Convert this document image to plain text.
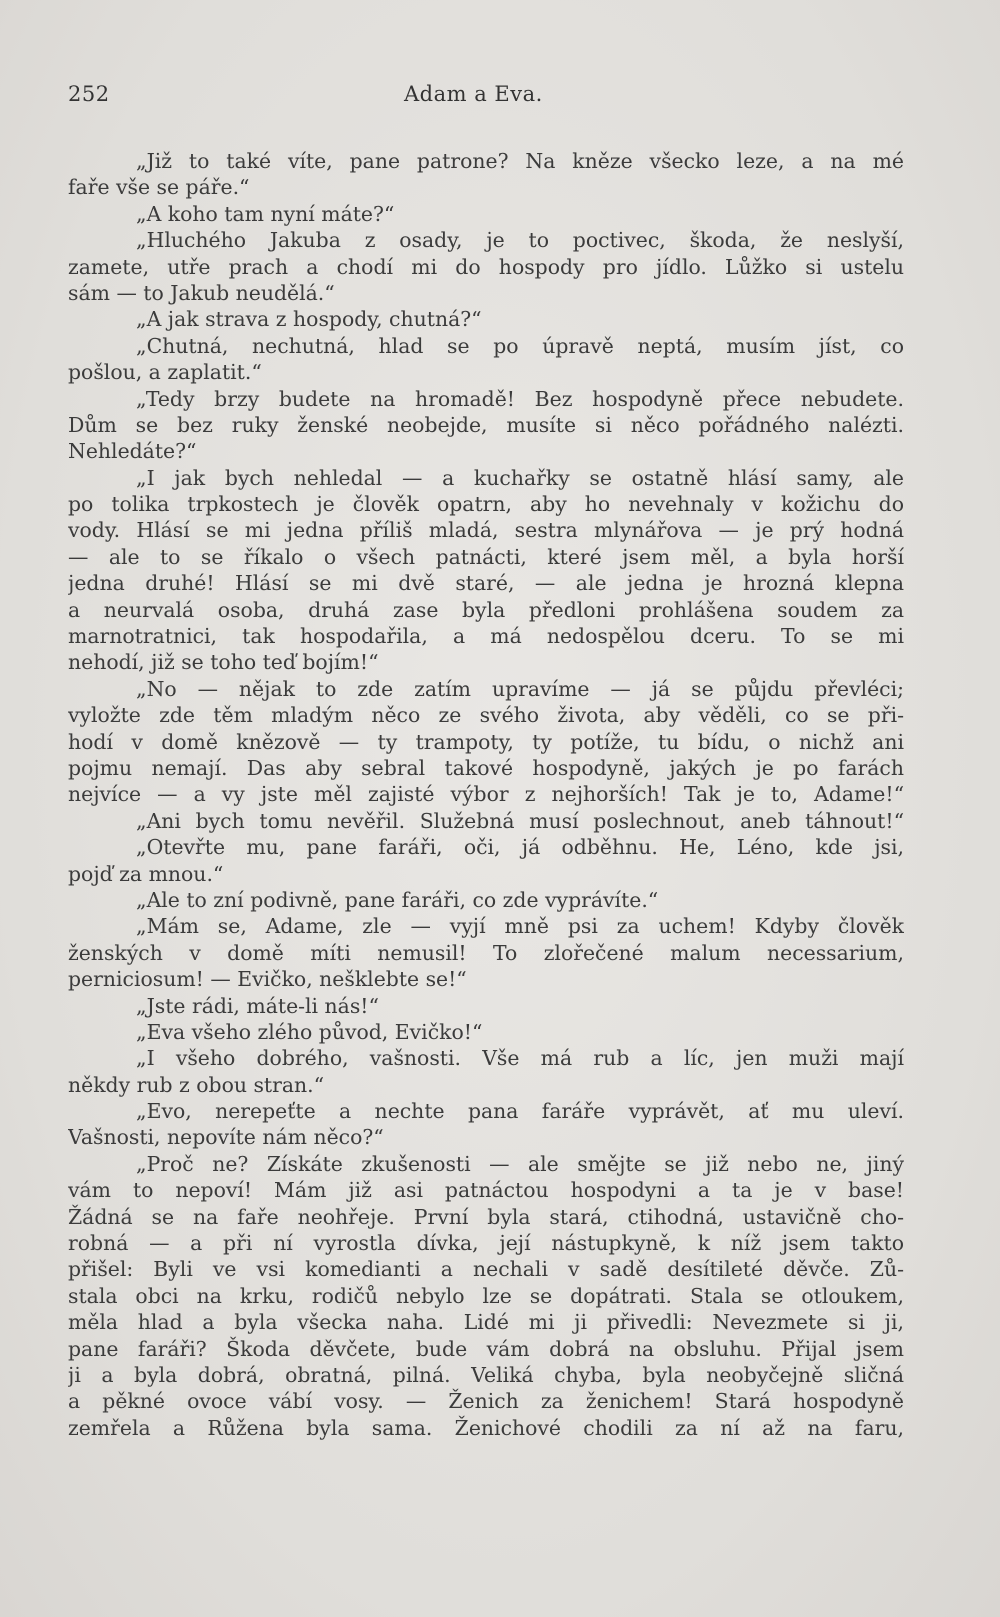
252	Adam a Eva.
„Již to také víte, pane patrone? Na kněze všecko leze, a na mé
faře vše se páře.“
„A koho tam nyní máte?“
„Hluchého Jakuba z osady, je to poctivec, škoda, že neslyší,
zamete, utře prach a chodí mi do hospody pro jídlo. Lůžko si ustelu
sám — to Jakub neudělá.“
„A jak strava z hospody, chutná?“
„Chutná, nechutná, hlad se po úpravě neptá, musím jíst, co
pošlou, a zaplatit.“
„Tedy brzy budete na hromadě! Bez hospodyně přece nebudete.
Dům se bez ruky ženské neobejde, musíte si něco pořádného nalézti.
Nehledáte?“
„I jak bych nehledal — a kuchařky se ostatně hlásí samy, ale
po tolika trpkostech je člověk opatrn, aby ho nevehnaly v kožichu do
vody. Hlásí se mi jedna příliš mladá, sestra mlynářova — je prý hodná
— ale to se říkalo o všech patnácti, které jsem měl, a byla horší
jedna druhé! Hlásí se mi dvě staré, — ale jedna je hrozná klepna
a neurvalá osoba, druhá zase byla předloni prohlášena soudem za
marnotratnici, tak hospodařila, a má nedospělou dceru. To se mi
nehodí, již se toho teď bojím!“
„No — nějak to zde zatím upravíme — já se půjdu převléci;
vyložte zde těm mladým něco ze svého života, aby věděli, co se při-
hodí v domě knězově — ty trampoty, ty potíže, tu bídu, o nichž ani
pojmu nemají. Das aby sebral takové hospodyně, jakých je po farách
nejvíce — a vy jste měl zajisté výbor z nejhorších! Tak je to, Adame!“
„Ani bych tomu nevěřil. Služebná musí poslechnout, aneb táhnout!“
„Otevřte mu, pane faráři, oči, já odběhnu. He, Léno, kde jsi,
pojď za mnou.“
„Ale to zní podivně, pane faráři, co zde vyprávíte.“
„Mám se, Adame, zle — vyjí mně psi za uchem! Kdyby člověk
ženských v domě míti nemusil! To zlořečené malum necessarium,
perniciosum! — Evičko, nešklebte se!“
„Jste rádi, máte-li nás!“
„Eva všeho zlého původ, Evičko!“
„I všeho dobrého, vašnosti. Vše má rub a líc, jen muži mají
někdy rub z obou stran.“
„Evo, nerepeťte a nechte pana faráře vyprávět, ať mu uleví.
Vašnosti, nepovíte nám něco?“
„Proč ne? Získáte zkušenosti — ale smějte se již nebo ne, jiný
vám to nepoví! Mám již asi patnáctou hospodyni a ta je v base!
Žádná se na faře neohřeje. První byla stará, ctihodná, ustavičně cho-
robná — a při ní vyrostla dívka, její nástupkyně, k níž jsem takto
přišel: Byli ve vsi komedianti a nechali v sadě desítileté děvče. Zů-
stala obci na krku, rodičů nebylo lze se dopátrati. Stala se otloukem,
měla hlad a byla všecka naha. Lidé mi ji přivedli: Nevezmete si ji,
pane faráři? Škoda děvčete, bude vám dobrá na obsluhu. Přijal jsem
ji a byla dobrá, obratná, pilná. Veliká chyba, byla neobyčejně sličná
a pěkné ovoce vábí vosy. — Ženich za ženichem! Stará hospodyně
zemřela a Růžena byla sama. Ženichové chodili za ní až na faru,
